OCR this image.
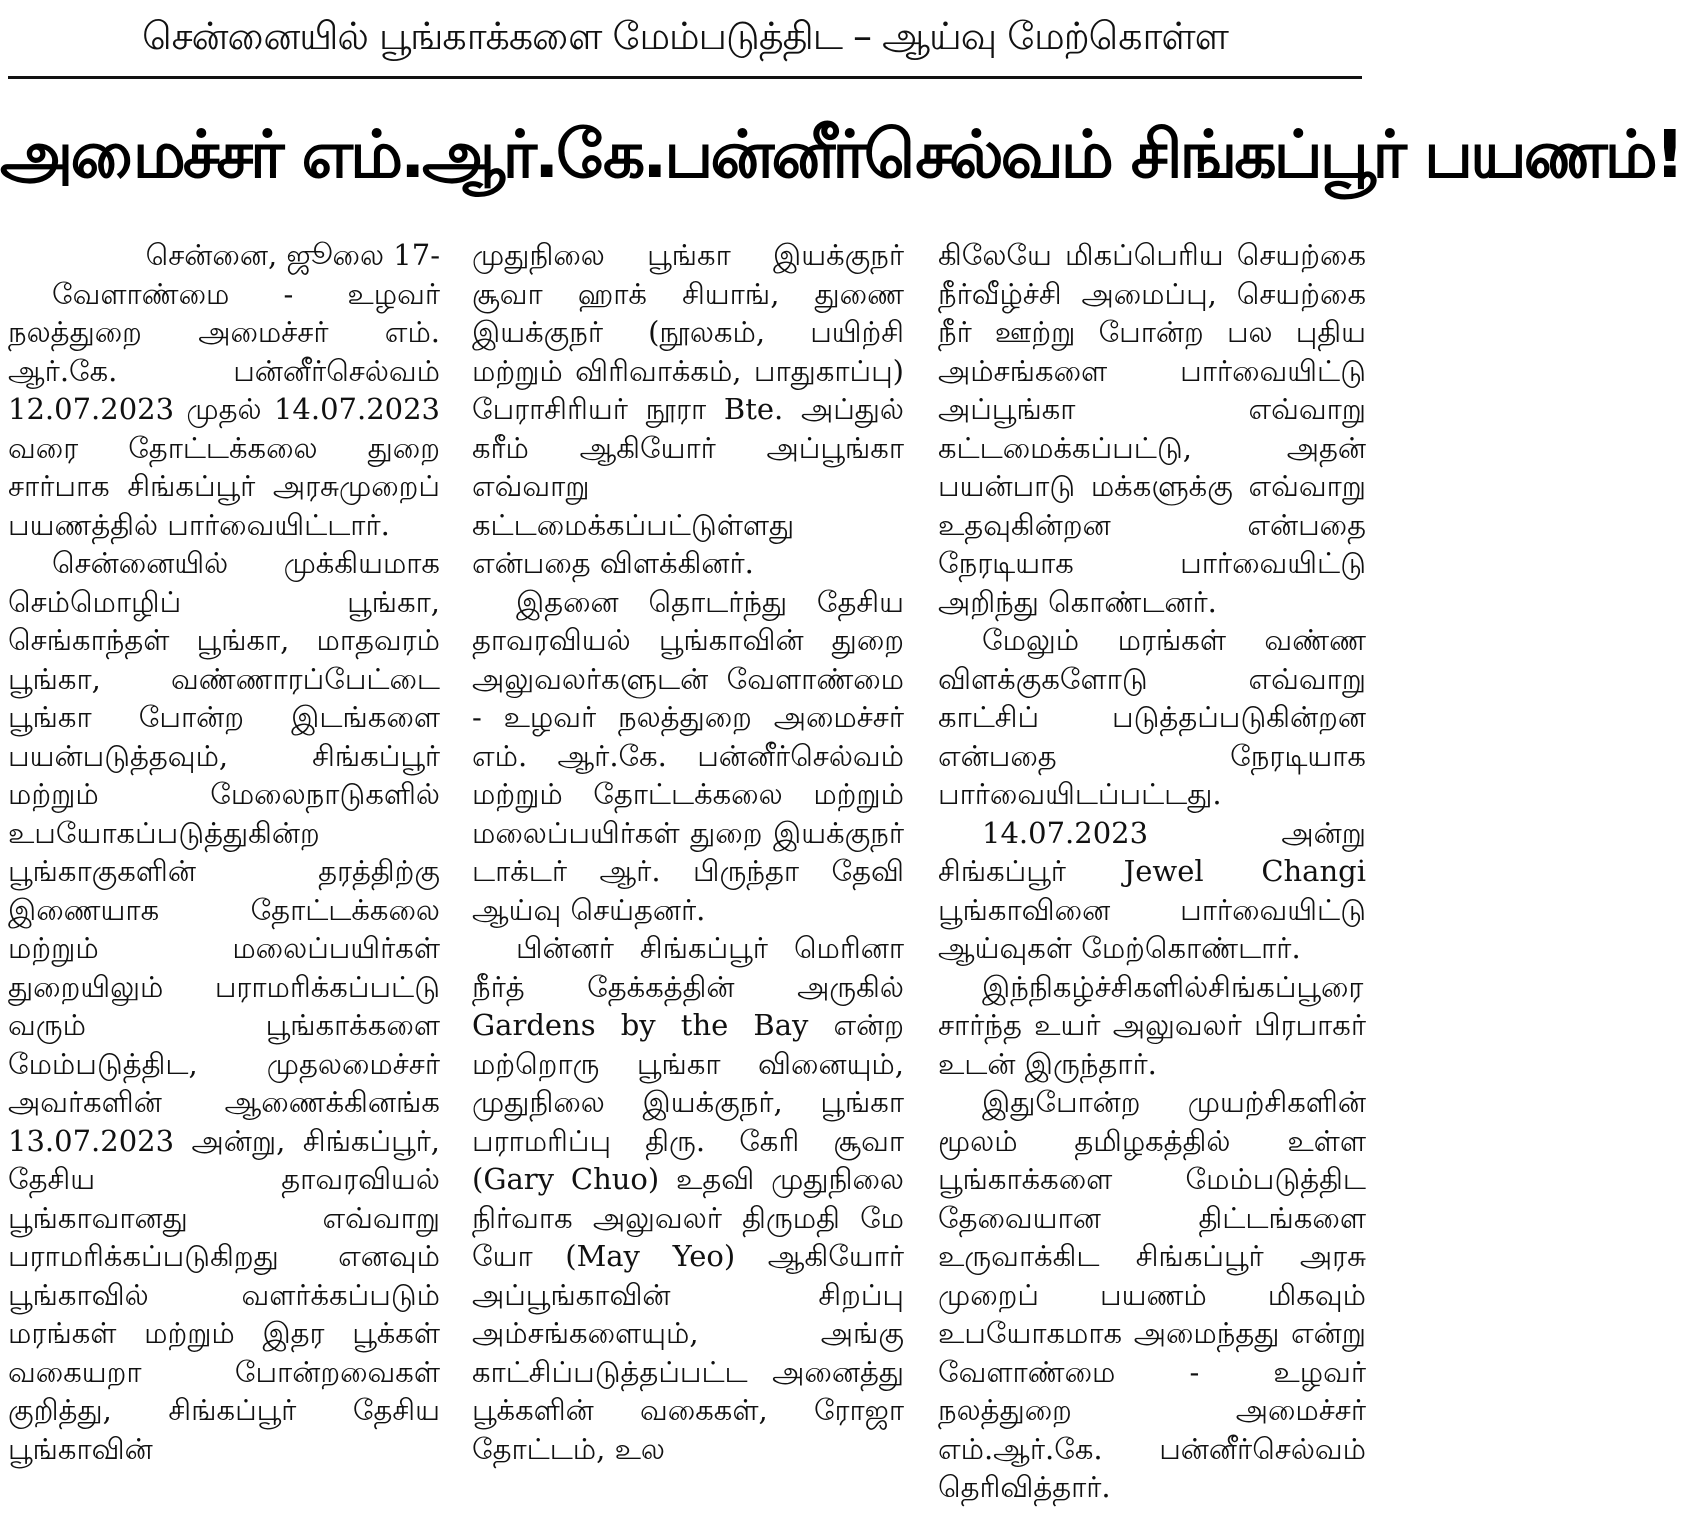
சென்னையில் பூங்காக்களை மேம்படுத்திட – ஆய்வு மேற்கொள்ள
அமைச்சர் எம்.ஆர்.கே.பன்னீர்செல்வம் சிங்கப்பூர் பயணம்!

சென்னை, ஜூலை 17-

வேளாண்மை - உழவர் நலத்துறை அமைச்சர் எம். ஆர்.கே. பன்னீர்செல்வம் 12.07.2023 முதல் 14.07.2023 வரை தோட்டக்கலை துறை சார்பாக சிங்கப்பூர் அரசுமுறைப் பயணத்தில் பார்வையிட்டார்.

சென்னையில் முக்கியமாக செம்மொழிப் பூங்கா, செங்காந்தள் பூங்கா, மாதவரம் பூங்கா, வண்ணாரப்பேட்டை பூங்கா போன்ற இடங்களை பயன்படுத்தவும், சிங்கப்பூர் மற்றும் மேலைநாடுகளில் உபயோகப்படுத்துகின்ற பூங்காகுகளின் தரத்திற்கு இணையாக தோட்டக்கலை மற்றும் மலைப்பயிர்கள் துறையிலும் பராமரிக்கப்பட்டு வரும் பூங்காக்களை மேம்படுத்திட, முதலமைச்சர் அவர்களின் ஆணைக்கினங்க 13.07.2023 அன்று, சிங்கப்பூர், தேசிய தாவரவியல் பூங்காவானது எவ்வாறு பராமரிக்கப்படுகிறது எனவும் பூங்காவில் வளர்க்கப்படும் மரங்கள் மற்றும் இதர பூக்கள் வகையறா போன்றவைகள் குறித்து, சிங்கப்பூர் தேசிய பூங்காவின்

முதுநிலை பூங்கா இயக்குநர் சூவா ஹாக் சியாங், துணை இயக்குநர் (நூலகம், பயிற்சி மற்றும் விரிவாக்கம், பாதுகாப்பு) பேராசிரியர் நூரா Bte. அப்துல் கரீம் ஆகியோர் அப்பூங்கா எவ்வாறு கட்டமைக்கப்பட்டுள்ளது என்பதை விளக்கினர்.

இதனை தொடர்ந்து தேசிய தாவரவியல் பூங்காவின் துறை அலுவலர்களுடன் வேளாண்மை - உழவர் நலத்துறை அமைச்சர் எம். ஆர்.கே. பன்னீர்செல்வம் மற்றும் தோட்டக்கலை மற்றும் மலைப்பயிர்கள் துறை இயக்குநர் டாக்டர் ஆர். பிருந்தா தேவி ஆய்வு செய்தனர்.

பின்னர் சிங்கப்பூர் மெரினா நீர்த் தேக்கத்தின் அருகில் Gardens by the Bay என்ற மற்றொரு பூங்கா வினையும், முதுநிலை இயக்குநர், பூங்கா பராமரிப்பு திரு. கேரி சூவா (Gary Chuo) உதவி முதுநிலை நிர்வாக அலுவலர் திருமதி மே யோ (May Yeo) ஆகியோர் அப்பூங்காவின் சிறப்பு அம்சங்களையும், அங்கு காட்சிப்படுத்தப்பட்ட அனைத்து பூக்களின் வகைகள், ரோஜா தோட்டம், உல

கிலேயே மிகப்பெரிய செயற்கை நீர்வீழ்ச்சி அமைப்பு, செயற்கை நீர் ஊற்று போன்ற பல புதிய அம்சங்களை பார்வையிட்டு அப்பூங்கா எவ்வாறு கட்டமைக்கப்பட்டு, அதன் பயன்பாடு மக்களுக்கு எவ்வாறு உதவுகின்றன என்பதை நேரடியாக பார்வையிட்டு அறிந்து கொண்டனர்.

மேலும் மரங்கள் வண்ண விளக்குகளோடு எவ்வாறு காட்சிப் படுத்தப்படுகின்றன என்பதை நேரடியாக பார்வையிடப்பட்டது.

14.07.2023 அன்று சிங்கப்பூர் Jewel Changi பூங்காவினை பார்வையிட்டு ஆய்வுகள் மேற்கொண்டார்.

இந்நிகழ்ச்சிகளில்சிங்கப்பூரை சார்ந்த உயர் அலுவலர் பிரபாகர் உடன் இருந்தார்.

இதுபோன்ற முயற்சிகளின் மூலம் தமிழகத்தில் உள்ள பூங்காக்களை மேம்படுத்திட தேவையான திட்டங்களை உருவாக்கிட சிங்கப்பூர் அரசு முறைப் பயணம் மிகவும் உபயோகமாக அமைந்தது என்று வேளாண்மை - உழவர் நலத்துறை அமைச்சர் எம்.ஆர்.கே. பன்னீர்செல்வம் தெரிவித்தார்.
